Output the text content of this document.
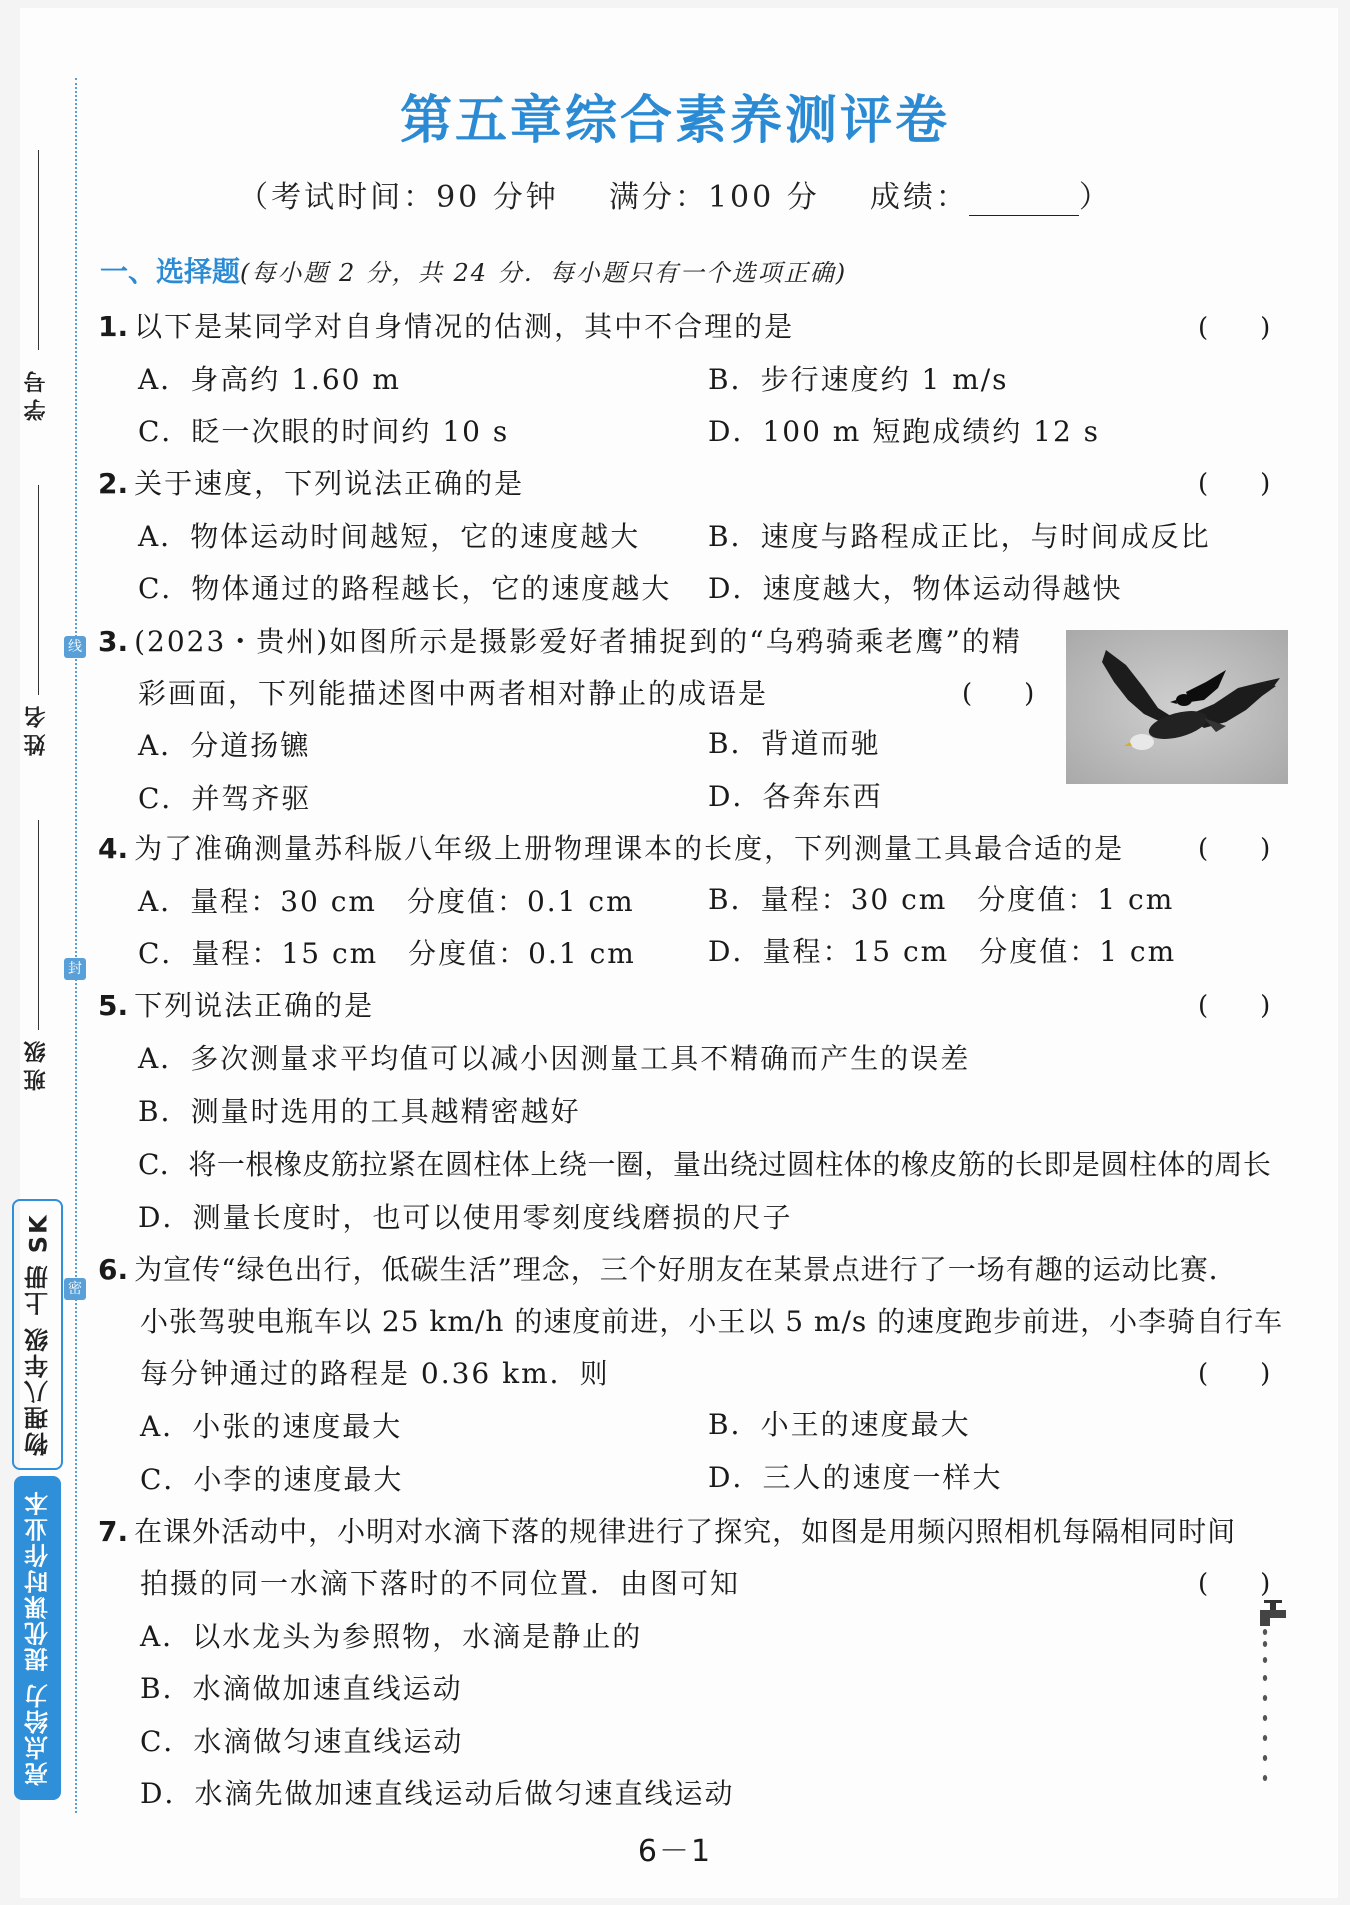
线
封
密
学号
姓名
班级
亮点给力 提优课时作业本
物理八年级 上册 SK
第五章综合素养测评卷
（考试时间：90 分钟 满分：100 分 成绩：	）
一、选择题(每小题 2 分，共 24 分．每小题只有一个选项正确)
1. 以下是某同学对自身情况的估测，其中不合理的是	(　　)
A．身高约 1.60 m	B．步行速度约 1 m/s
C．眨一次眼的时间约 10 s	D．100 m 短跑成绩约 12 s
2. 关于速度，下列说法正确的是	(　　)
A．物体运动时间越短，它的速度越大 B．速度与路程成正比，与时间成反比
C．物体通过的路程越长，它的速度越大 D．速度越大，物体运动得越快
3. (2023・贵州)如图所示是摄影爱好者捕捉到的“乌鸦骑乘老鹰”的精
彩画面，下列能描述图中两者相对静止的成语是	(　　)
A．分道扬镳	B．背道而驰
C．并驾齐驱	D．各奔东西
4. 为了准确测量苏科版八年级上册物理课本的长度，下列测量工具最合适的是	(　　)
A．量程：30 cm　分度值：0.1 cm	B．量程：30 cm　分度值：1 cm
C．量程：15 cm　分度值：0.1 cm	D．量程：15 cm　分度值：1 cm
5. 下列说法正确的是	(　　)
A．多次测量求平均值可以减小因测量工具不精确而产生的误差
B．测量时选用的工具越精密越好
C．将一根橡皮筋拉紧在圆柱体上绕一圈，量出绕过圆柱体的橡皮筋的长即是圆柱体的周长
D．测量长度时，也可以使用零刻度线磨损的尺子
6. 为宣传“绿色出行，低碳生活”理念，三个好朋友在某景点进行了一场有趣的运动比赛．
小张驾驶电瓶车以 25 km/h 的速度前进，小王以 5 m/s 的速度跑步前进，小李骑自行车
每分钟通过的路程是 0.36 km．则	(　　)
A．小张的速度最大	B．小王的速度最大
C．小李的速度最大	D．三人的速度一样大
7. 在课外活动中，小明对水滴下落的规律进行了探究，如图是用频闪照相机每隔相同时间
拍摄的同一水滴下落时的不同位置．由图可知	(　　)
A．以水龙头为参照物，水滴是静止的
B．水滴做加速直线运动
C．水滴做匀速直线运动
D．水滴先做加速直线运动后做匀速直线运动
6－1
